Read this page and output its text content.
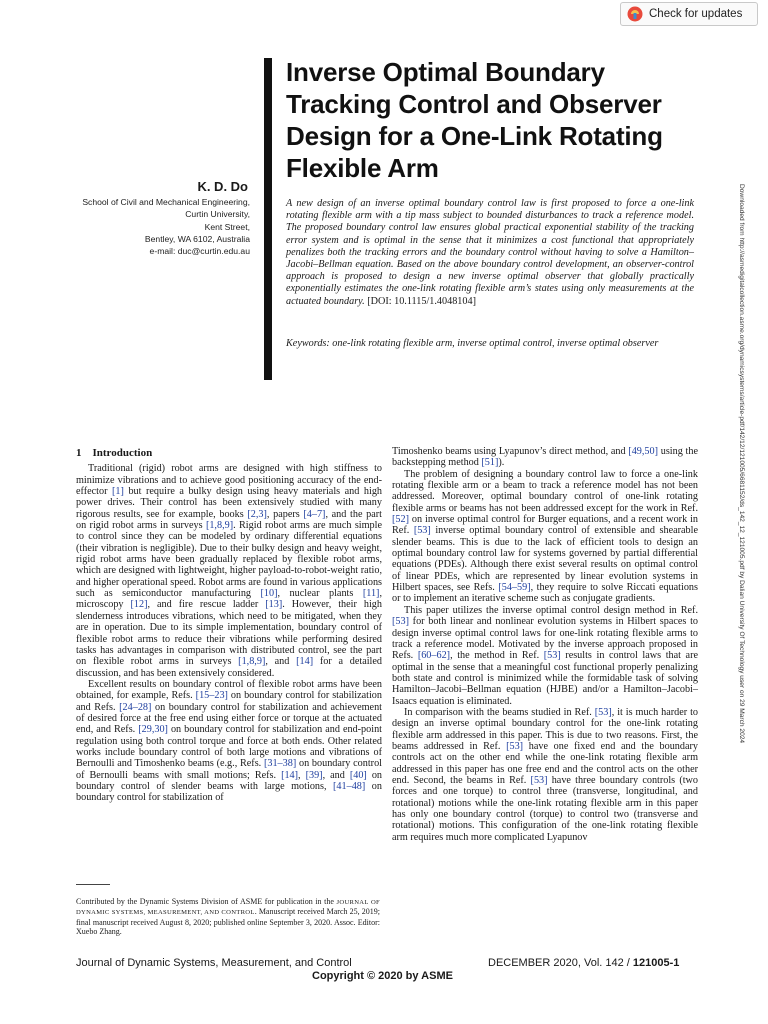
Check for updates
Inverse Optimal Boundary Tracking Control and Observer Design for a One-Link Rotating Flexible Arm
K. D. Do
School of Civil and Mechanical Engineering,
Curtin University,
Kent Street,
Bentley, WA 6102, Australia
e-mail: duc@curtin.edu.au

A new design of an inverse optimal boundary control law is first proposed to force a one-link rotating flexible arm with a tip mass subject to bounded disturbances to track a reference model. The proposed boundary control law ensures global practical exponential stability of the tracking error system and is optimal in the sense that it minimizes a cost functional that appropriately penalizes both the tracking errors and the boundary control without having to solve a Hamilton–Jacobi–Bellman equation. Based on the above boundary control development, an observer-control approach is proposed to design a new inverse optimal observer that globally practically exponentially estimates the one-link rotating flexible arm’s states using only measurements at the actuated boundary. [DOI: 10.1115/1.4048104]

Keywords: one-link rotating flexible arm, inverse optimal control, inverse optimal observer	Downloaded from http://asmedigitalcollection.asme.org/dynamicsystems/article-pdf/142/12/121005/6681152/ds_142_12_121005.pdf by Dalian University Of Technology user on 29 March 2024
1 Introduction

Traditional (rigid) robot arms are designed with high stiffness to minimize vibrations and to achieve good positioning accuracy of the end-effector [1] but require a bulky design using heavy materials and high power drives. Their control has been extensively studied with many rigorous results, see for example, books [2,3], papers [4–7], and the part on rigid robot arms in surveys [1,8,9]. Rigid robot arms are much simple to control since they can be modeled by ordinary differential equations (their vibration is negligible). Due to their bulky design and heavy weight, rigid robot arms have been gradually replaced by flexible robot arms, which are designed with lightweight, higher payload-to-robot-weight ratio, and higher operational speed. Robot arms are found in various applications such as semiconductor manufacturing [10], nuclear plants [11], microscopy [12], and fire rescue ladder [13]. However, their high slenderness introduces vibrations, which need to be mitigated, when they are in operation. Due to its simple implementation, boundary control of flexible robot arms to reduce their vibrations while performing desired tasks has advantages in comparison with distributed control, see the part on flexible robot arms in surveys [1,8,9], and [14] for a detailed discussion, and has been extensively considered.

Excellent results on boundary control of flexible robot arms have been obtained, for example, Refs. [15–23] on boundary control for stabilization and Refs. [24–28] on boundary control for stabilization and achievement of desired force at the free end using either force or torque at the actuated end, and Refs. [29,30] on boundary control for stabilization and end-point regulation using both control torque and force at both ends. Other related works include boundary control of both large motions and vibrations of Bernoulli and Timoshenko beams (e.g., Refs. [31–38] on boundary control of Bernoulli beams with small motions; Refs. [14], [39], and [40] on boundary control of slender beams with large motions, [41–48] on boundary control for stabilization of

Timoshenko beams using Lyapunov’s direct method, and [49,50] using the backstepping method [51]).

The problem of designing a boundary control law to force a one-link rotating flexible arm or a beam to track a reference model has not been addressed. Moreover, optimal boundary control of one-link rotating flexible arms or beams has not been addressed except for the work in Ref. [52] on inverse optimal control for Burger equations, and a recent work in Ref. [53] inverse optimal boundary control of extensible and shearable slender beams. This is due to the lack of efficient tools to design an optimal boundary control law for systems governed by partial differential equations (PDEs). Although there exist several results on optimal control of linear PDEs, which are represented by linear evolution systems in Hilbert spaces, see Refs. [54–59], they require to solve Riccati equations or to implement an iterative scheme such as conjugate gradients.

This paper utilizes the inverse optimal control design method in Ref. [53] for both linear and nonlinear evolution systems in Hilbert spaces to design inverse optimal control laws for one-link rotating flexible arms to track a reference model. Motivated by the inverse approach proposed in Refs. [60–62], the method in Ref. [53] results in control laws that are optimal in the sense that a meaningful cost functional properly penalizing both state and control is minimized while the formidable task of solving Hamilton–Jacobi–Bellman equation (HJBE) and/or a Hamilton–Jacobi–Isaacs equation is eliminated.

In comparison with the beams studied in Ref. [53], it is much harder to design an inverse optimal boundary control for the one-link rotating flexible arm addressed in this paper. This is due to two reasons. First, the beams addressed in Ref. [53] have one fixed end and the boundary controls act on the other end while the one-link rotating flexible arm addressed in this paper has one free end and the control acts on the other end. Second, the beams in Ref. [53] have three boundary controls (two forces and one torque) to control three (transverse, longitudinal, and rotational) motions while the one-link rotating flexible arm in this paper has only one boundary control (torque) to control two (transverse and rotational) motions. This configuration of the one-link rotating flexible arm requires much more complicated Lyapunov

Contributed by the Dynamic Systems Division of ASME for publication in the JOURNAL OF DYNAMIC SYSTEMS, MEASUREMENT, AND CONTROL. Manuscript received March 25, 2019; final manuscript received August 8, 2020; published online September 3, 2020. Assoc. Editor: Xuebo Zhang.

Journal of Dynamic Systems, Measurement, and Control	DECEMBER 2020, Vol. 142 / 121005-1
Copyright © 2020 by ASME
